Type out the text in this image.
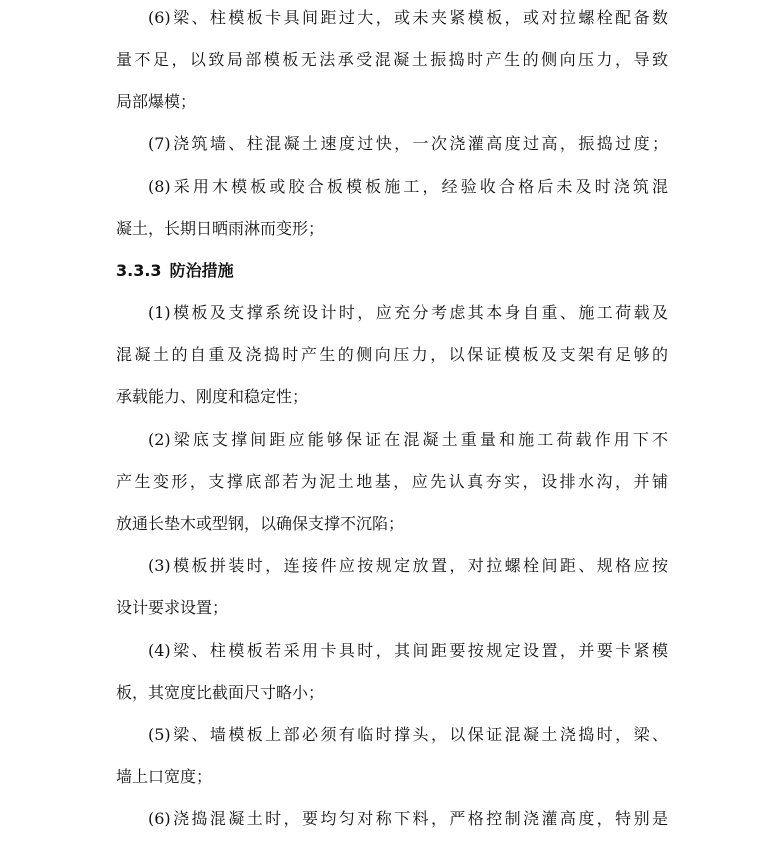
(6)梁、柱模板卡具间距过大，或未夹紧模板，或对拉螺栓配备数
量不足，以致局部模板无法承受混凝土振捣时产生的侧向压力，导致
局部爆模；
(7)浇筑墙、柱混凝土速度过快，一次浇灌高度过高，振捣过度；
(8)采用木模板或胶合板模板施工，经验收合格后未及时浇筑混
凝土，长期日晒雨淋而变形；
3.3.3 防治措施
(1)模板及支撑系统设计时，应充分考虑其本身自重、施工荷载及
混凝土的自重及浇捣时产生的侧向压力，以保证模板及支架有足够的
承载能力、刚度和稳定性；
(2)梁底支撑间距应能够保证在混凝土重量和施工荷载作用下不
产生变形，支撑底部若为泥土地基，应先认真夯实，设排水沟，并铺
放通长垫木或型钢，以确保支撑不沉陷；
(3)模板拼装时，连接件应按规定放置，对拉螺栓间距、规格应按
设计要求设置；
(4)梁、柱模板若采用卡具时，其间距要按规定设置，并要卡紧模
板，其宽度比截面尺寸略小；
(5)梁、墙模板上部必须有临时撑头，以保证混凝土浇捣时，梁、
墙上口宽度；
(6)浇捣混凝土时，要均匀对称下料，严格控制浇灌高度，特别是
